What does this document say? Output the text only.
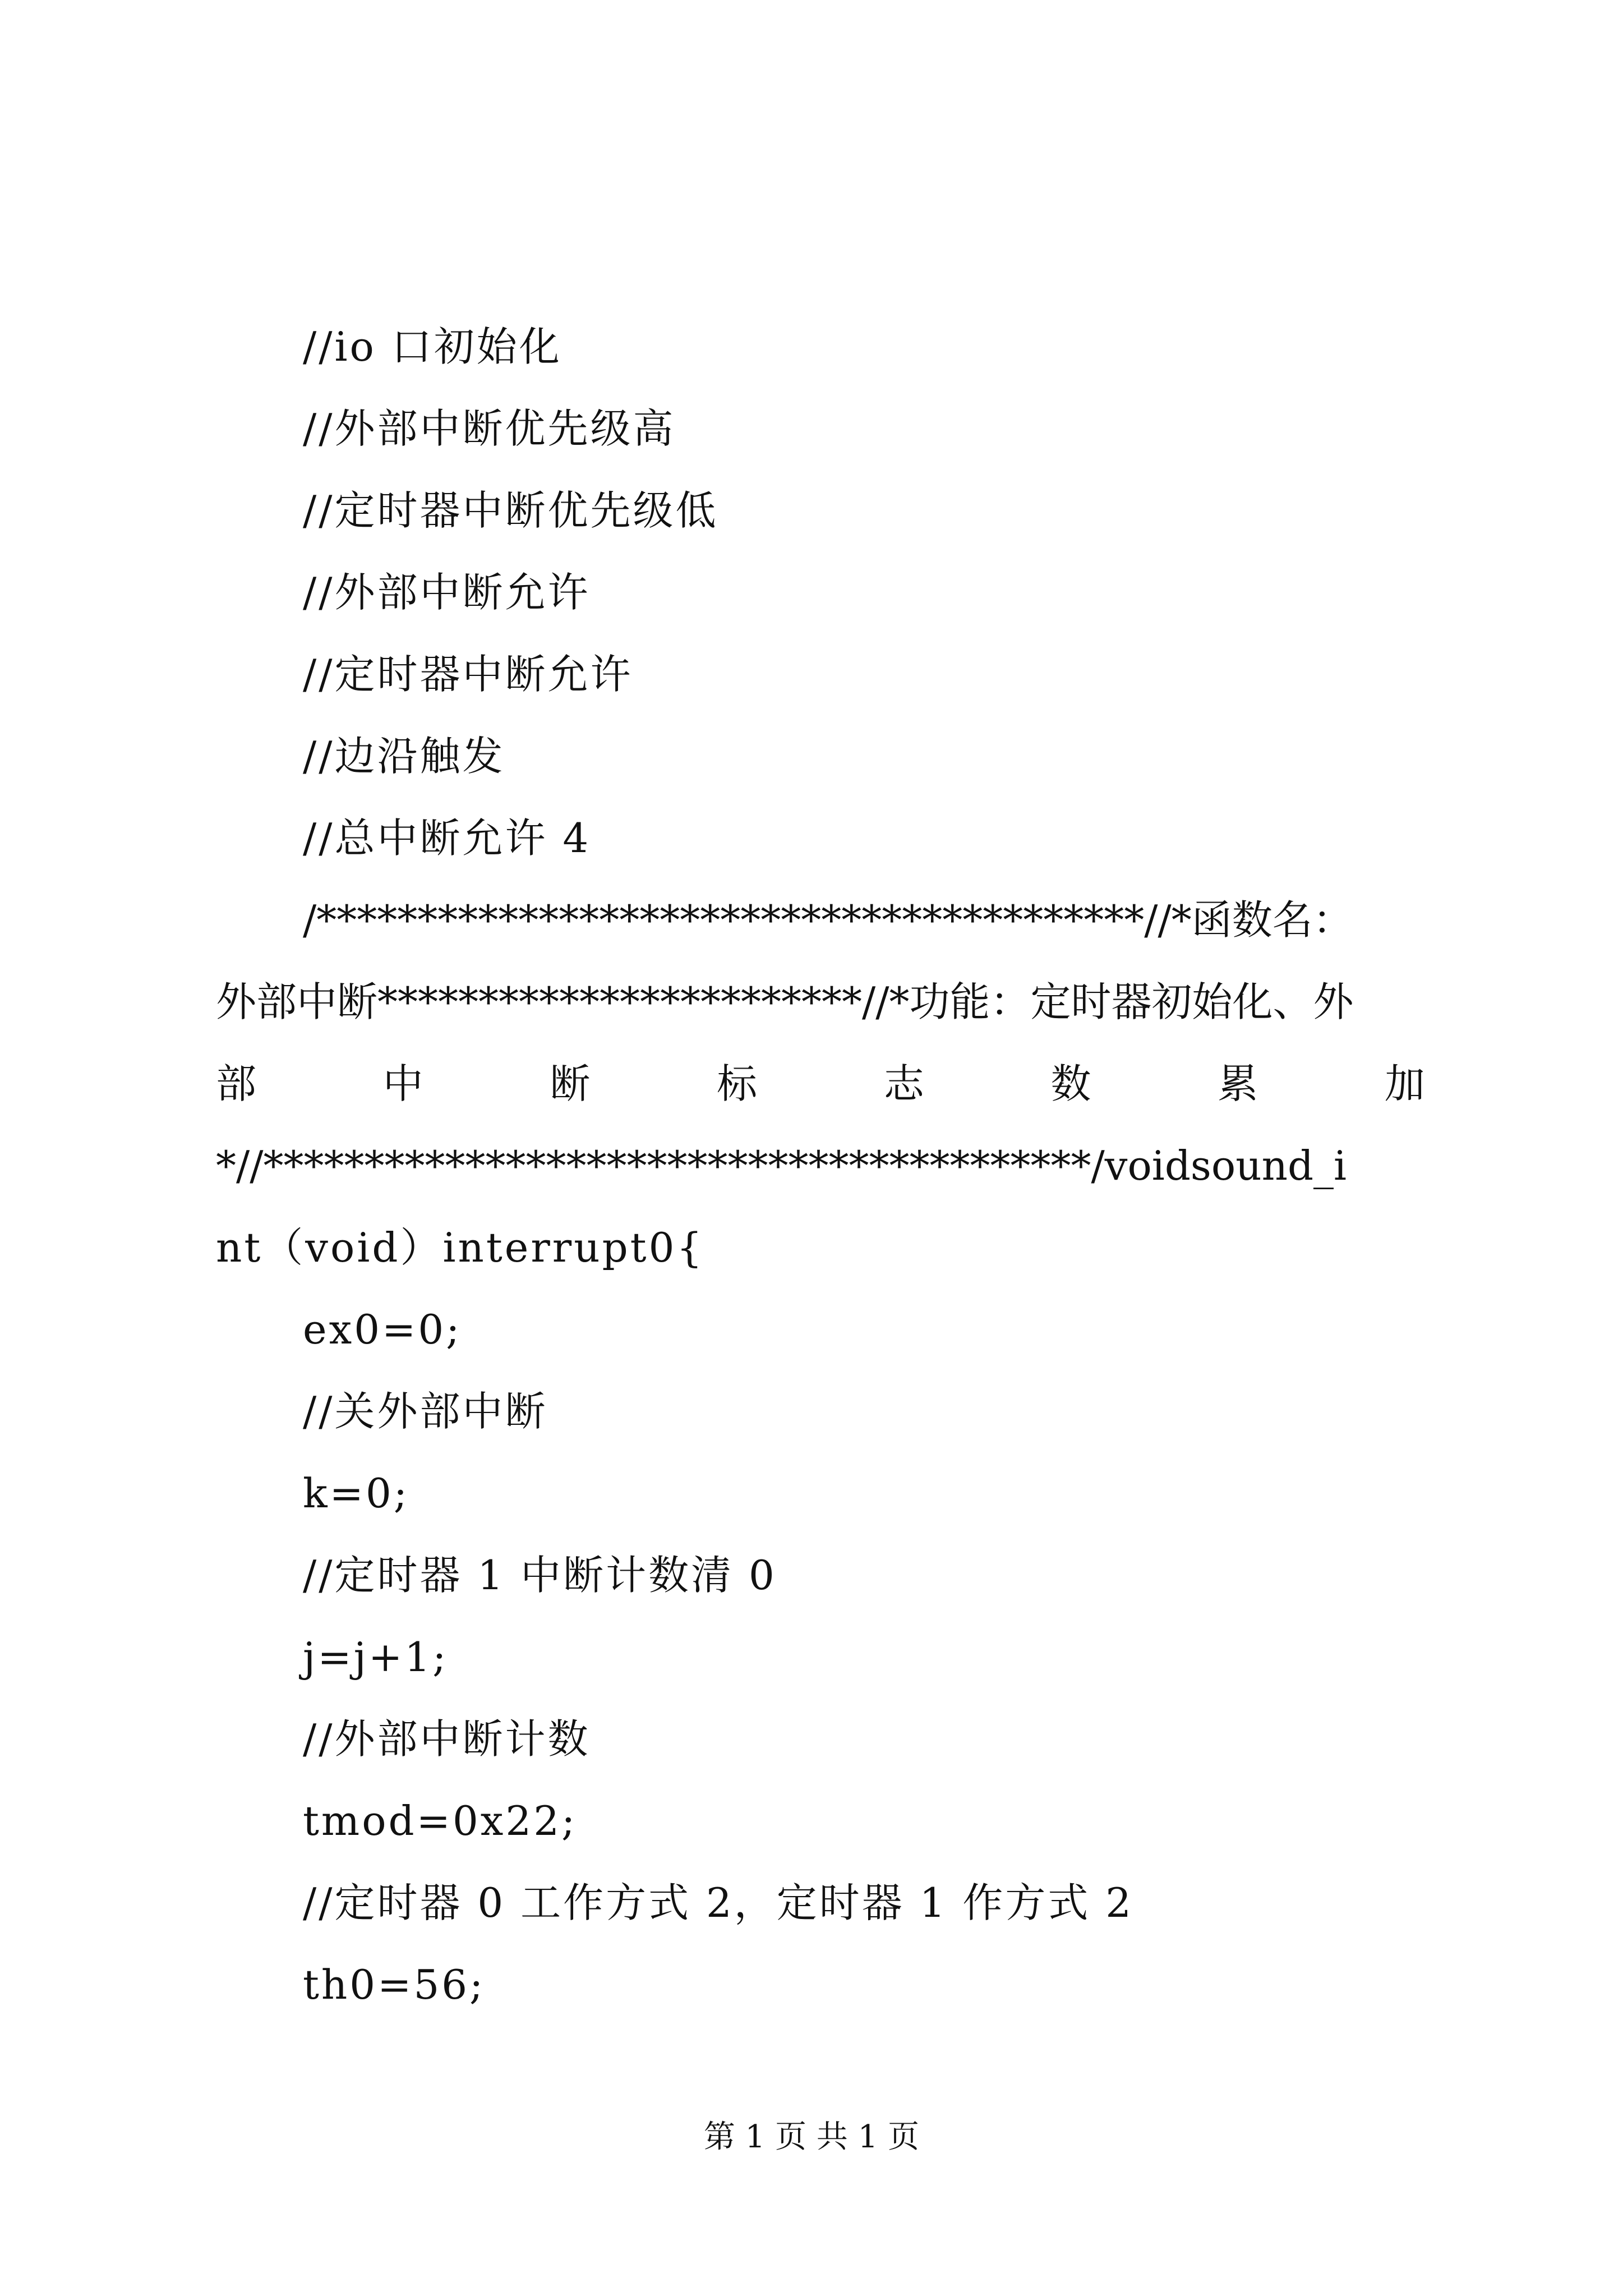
//io 口初始化
//外部中断优先级高
//定时器中断优先级低
//外部中断允许
//定时器中断允许
//边沿触发
//总中断允许 4
/*****************************************//*函数名：
外部中断************************//*功能：定时器初始化、外
部	中	断	标	志	数	累	加
*//*****************************************/voidsound_i
nt（void）interrupt0{
ex0=0;
//关外部中断
k=0;
//定时器 1 中断计数清 0
j=j+1;
//外部中断计数
tmod=0x22;
//定时器 0 工作方式 2，定时器 1 作方式 2
th0=56;
第 1 页 共 1 页
